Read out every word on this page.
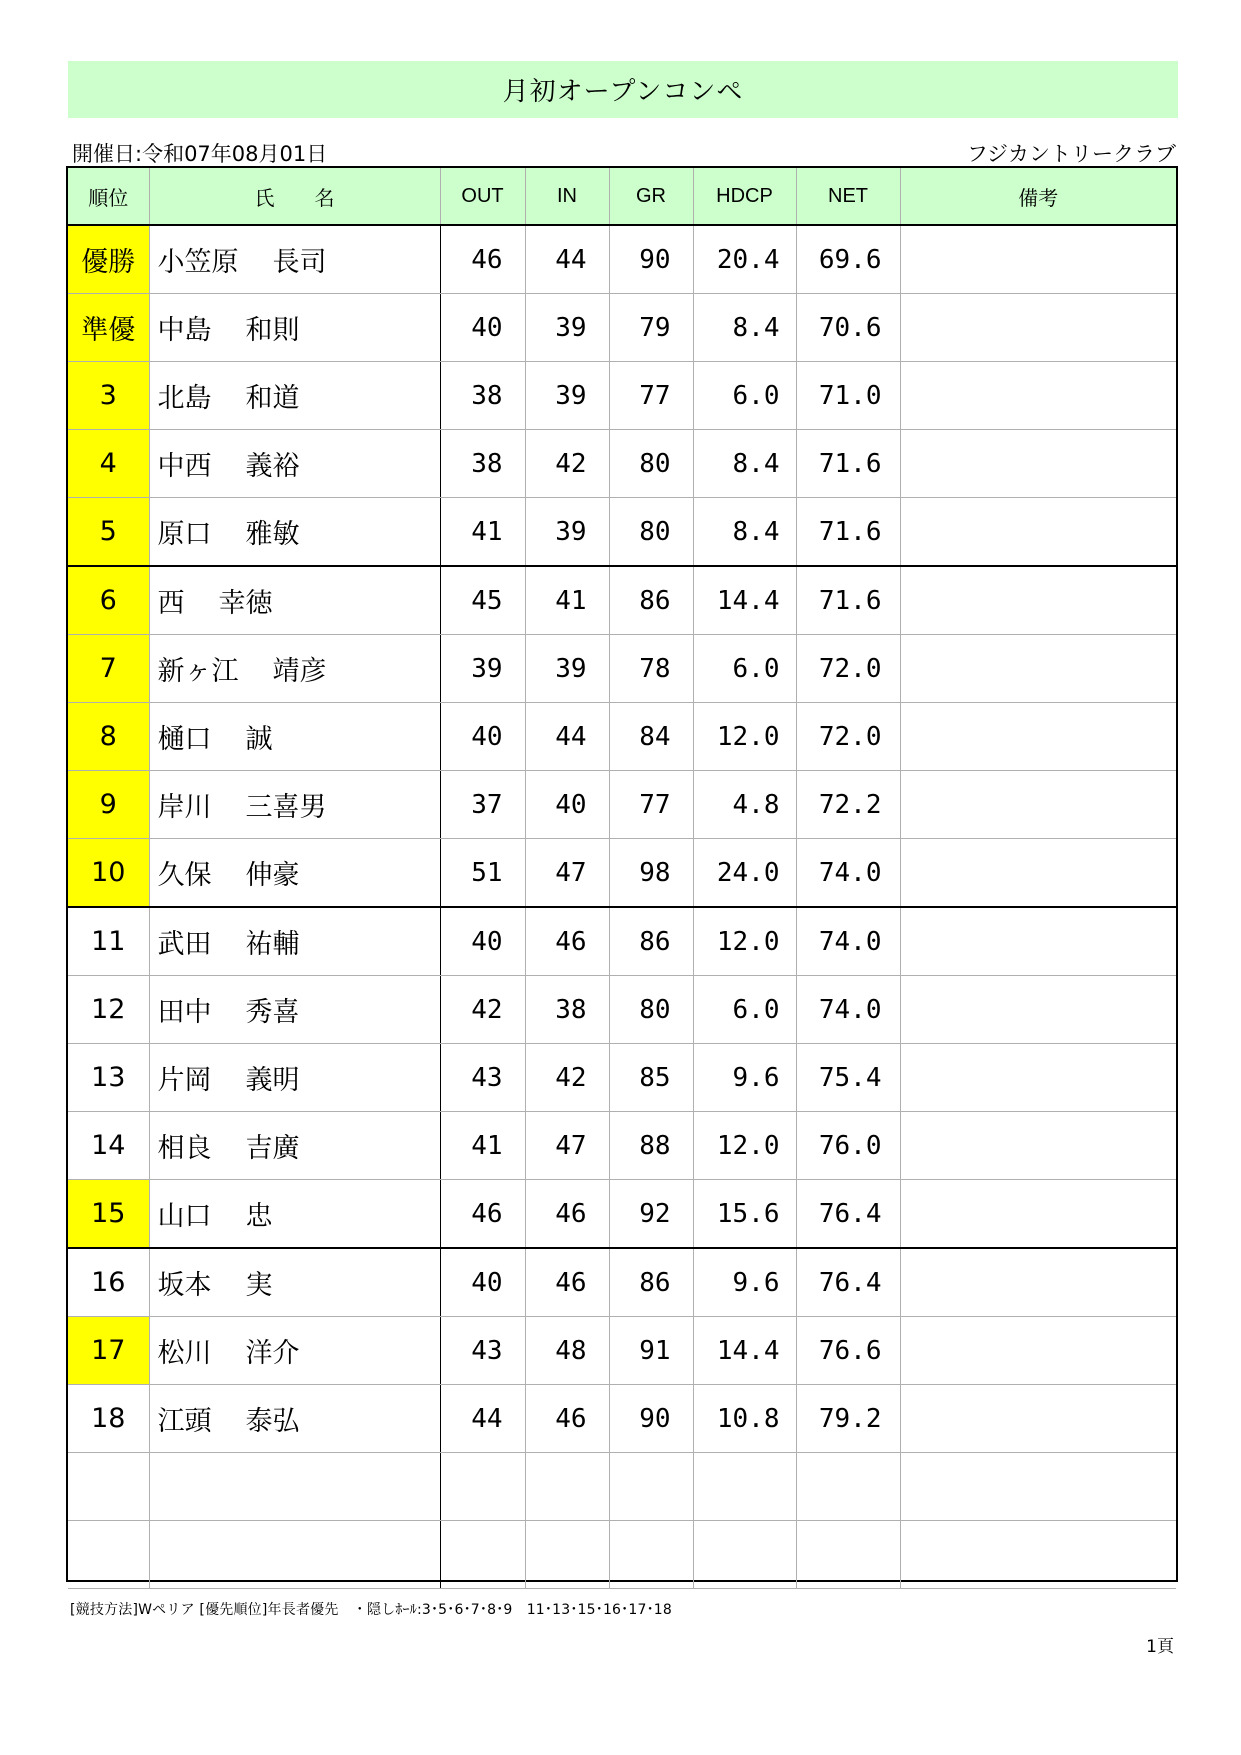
月初オープンコンペ
開催日:令和07年08月01日	フジカントリークラブ
順位	氏　　名	OUT	IN	GR	HDCP	NET	備考
優勝	小笠原 長司	46	44	90	20.4	69.6	
準優	中島 和則	40	39	79	8.4	70.6	
3	北島 和道	38	39	77	6.0	71.0	
4	中西 義裕	38	42	80	8.4	71.6	
5	原口 雅敏	41	39	80	8.4	71.6	
6	西 幸徳	45	41	86	14.4	71.6	
7	新ヶ江 靖彦	39	39	78	6.0	72.0	
8	樋口 誠	40	44	84	12.0	72.0	
9	岸川 三喜男	37	40	77	4.8	72.2	
10	久保 伸豪	51	47	98	24.0	74.0	
11	武田 祐輔	40	46	86	12.0	74.0	
12	田中 秀喜	42	38	80	6.0	74.0	
13	片岡 義明	43	42	85	9.6	75.4	
14	相良 吉廣	41	47	88	12.0	76.0	
15	山口 忠	46	46	92	15.6	76.4	
16	坂本 実	40	46	86	9.6	76.4	
17	松川 洋介	43	48	91	14.4	76.6	
18	江頭 泰弘	44	46	90	10.8	79.2	

[競技方法]Wペリア [優先順位]年長者優先　・隠しﾎｰﾙ:3･5･6･7･8･9　11･13･15･16･17･18
1頁
